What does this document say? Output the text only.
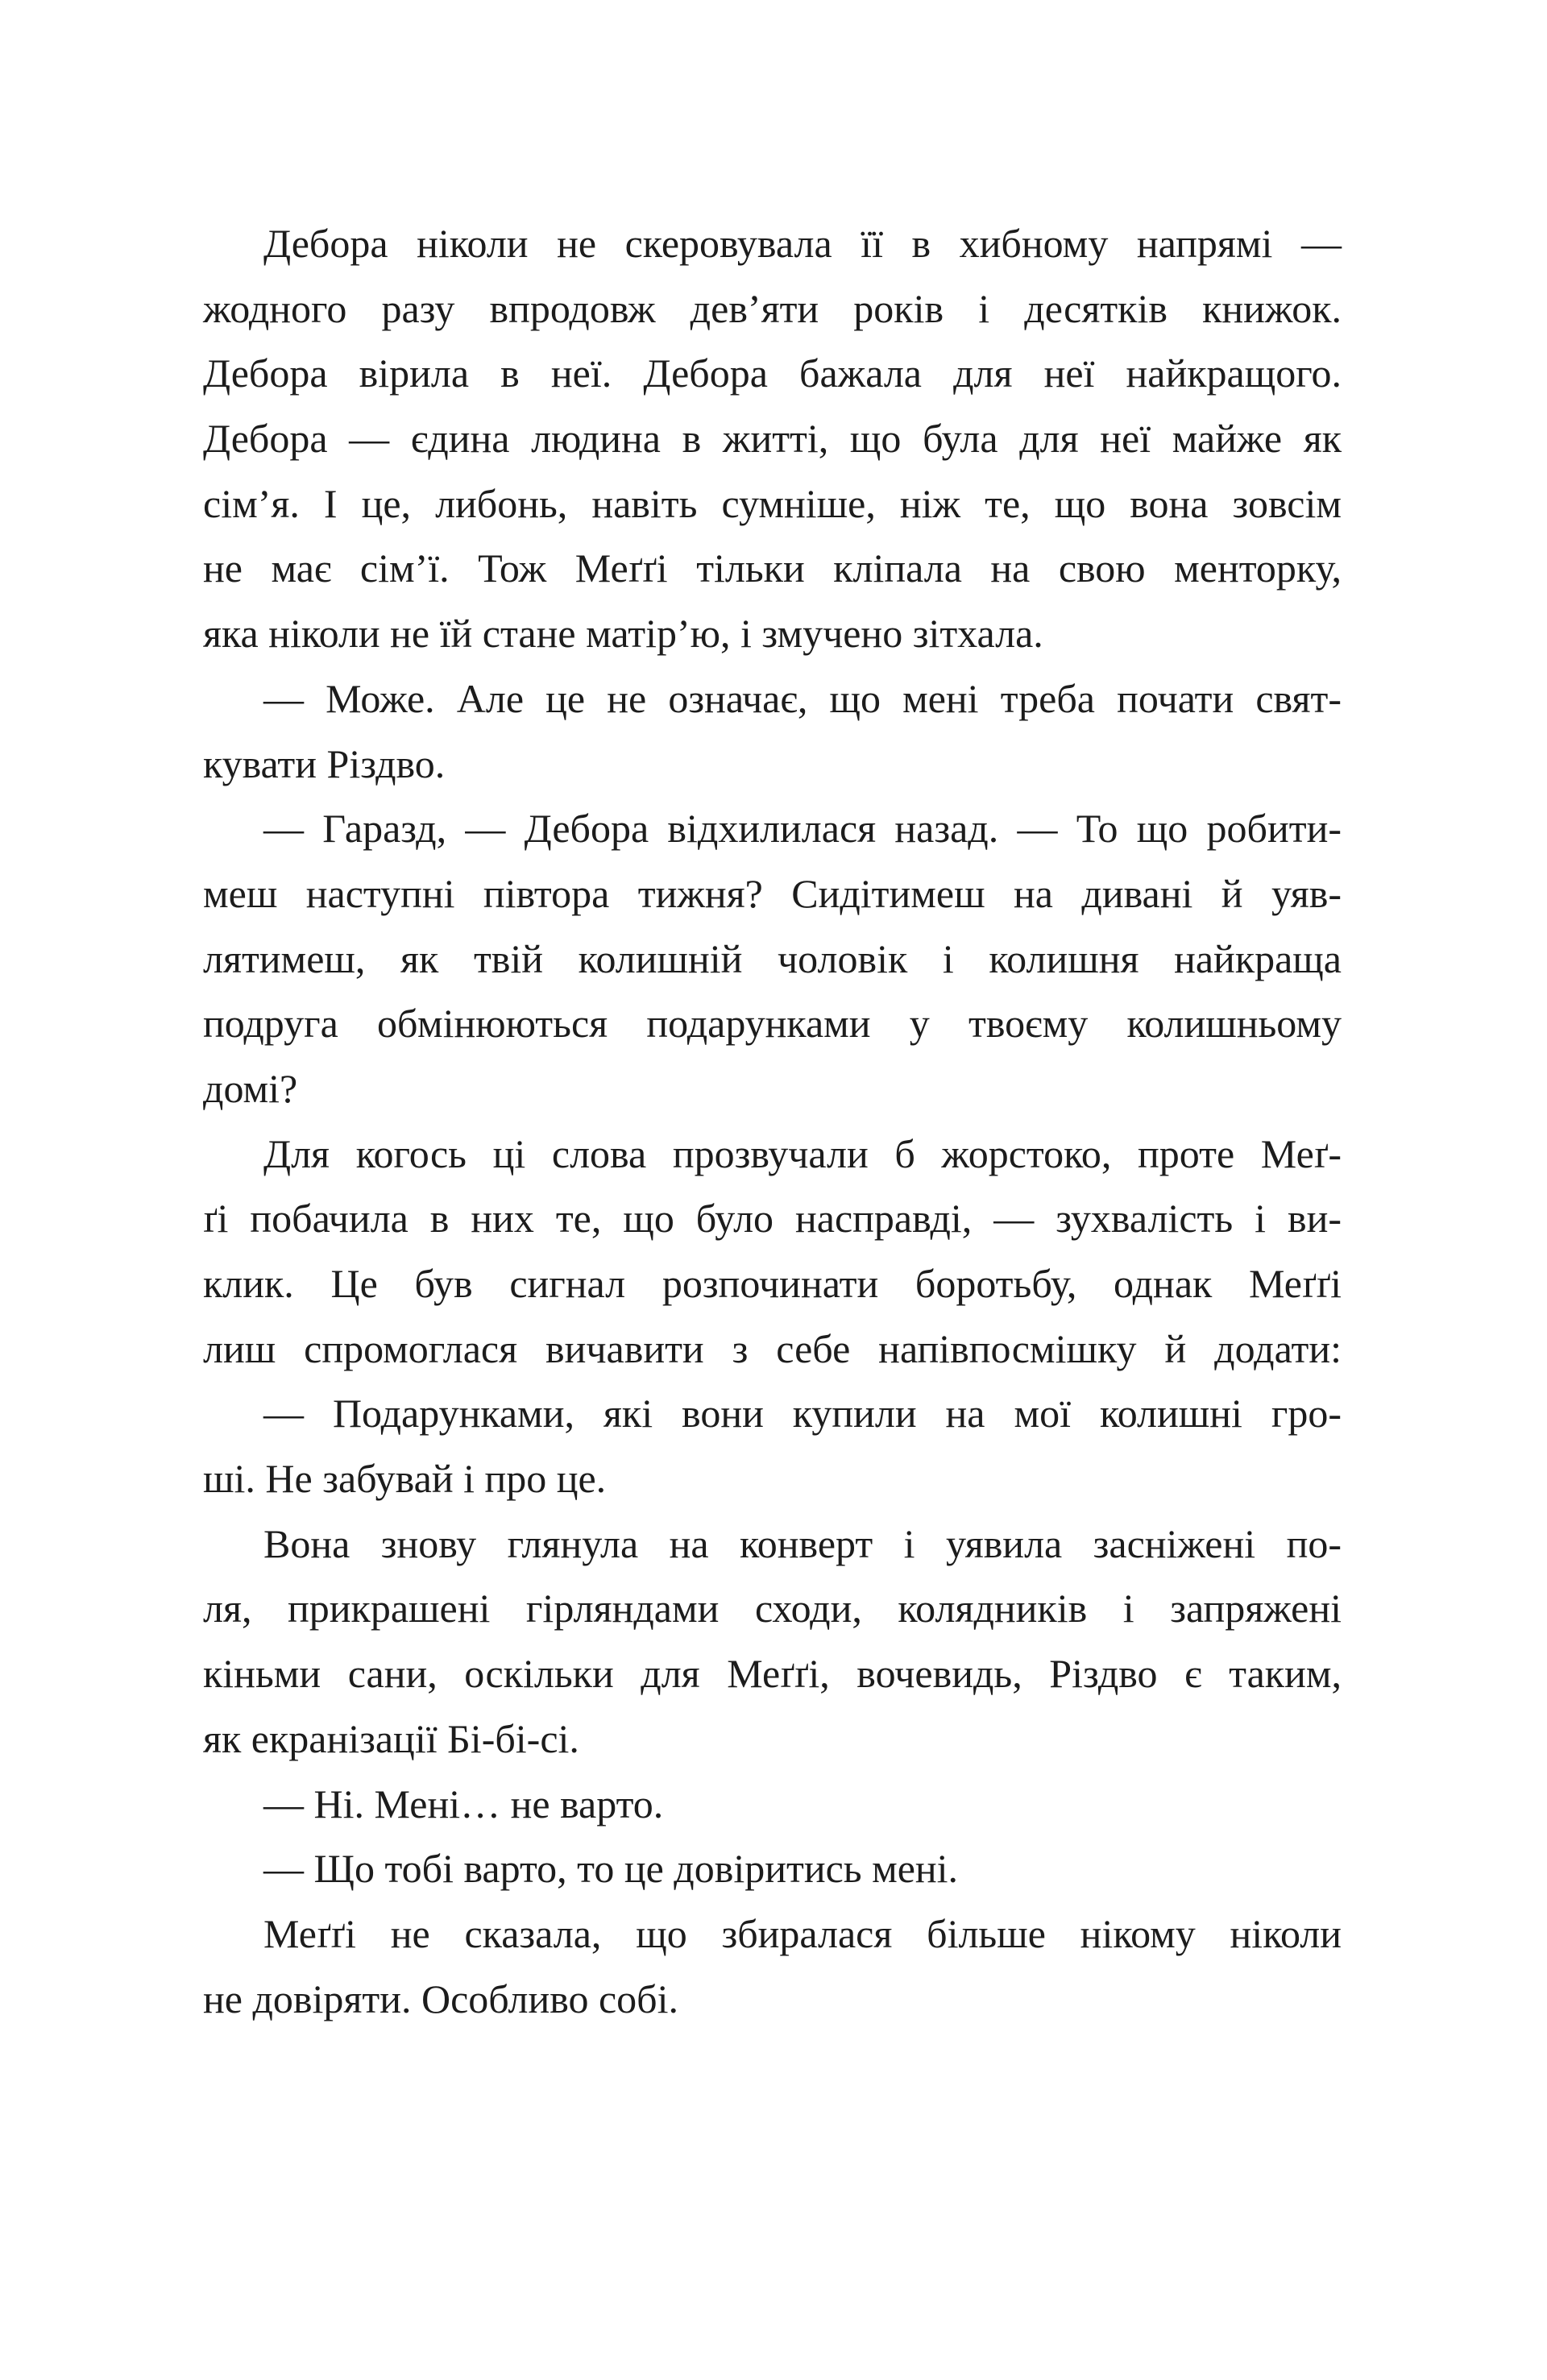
Дебора ніколи не скеровувала її в хибному напрямі —
жодного разу впродовж дев’яти років і десятків книжок.
Дебора вірила в неї. Дебора бажала для неї найкращого.
Дебора — єдина людина в житті, що була для неї майже як
сім’я. І це, либонь, навіть сумніше, ніж те, що вона зовсім
не має сім’ї. Тож Меґґі тільки кліпала на свою менторку,
яка ніколи не їй стане матір’ю, і змучено зітхала.
— Може. Але це не означає, що мені треба почати свят-
кувати Різдво.
— Гаразд, — Дебора відхилилася назад. — То що робити-
меш наступні півтора тижня? Сидітимеш на дивані й уяв-
лятимеш, як твій колишній чоловік і колишня найкраща
подруга обмінюються подарунками у твоєму колишньому
домі?
Для когось ці слова прозвучали б жорстоко, проте Меґ-
ґі побачила в них те, що було насправді, — зухвалість і ви-
клик. Це був сигнал розпочинати боротьбу, однак Меґґі
лиш спромоглася вичавити з себе напівпосмішку й додати:
— Подарунками, які вони купили на мої колишні гро-
ші. Не забувай і про це.
Вона знову глянула на конверт і уявила засніжені по-
ля, прикрашені гірляндами сходи, колядників і запряжені
кіньми сани, оскільки для Меґґі, вочевидь, Різдво є таким,
як екранізації Бі-бі-сі.
— Ні. Мені… не варто.
— Що тобі варто, то це довіритись мені.
Меґґі не сказала, що збиралася більше нікому ніколи
не довіряти. Особливо собі.
